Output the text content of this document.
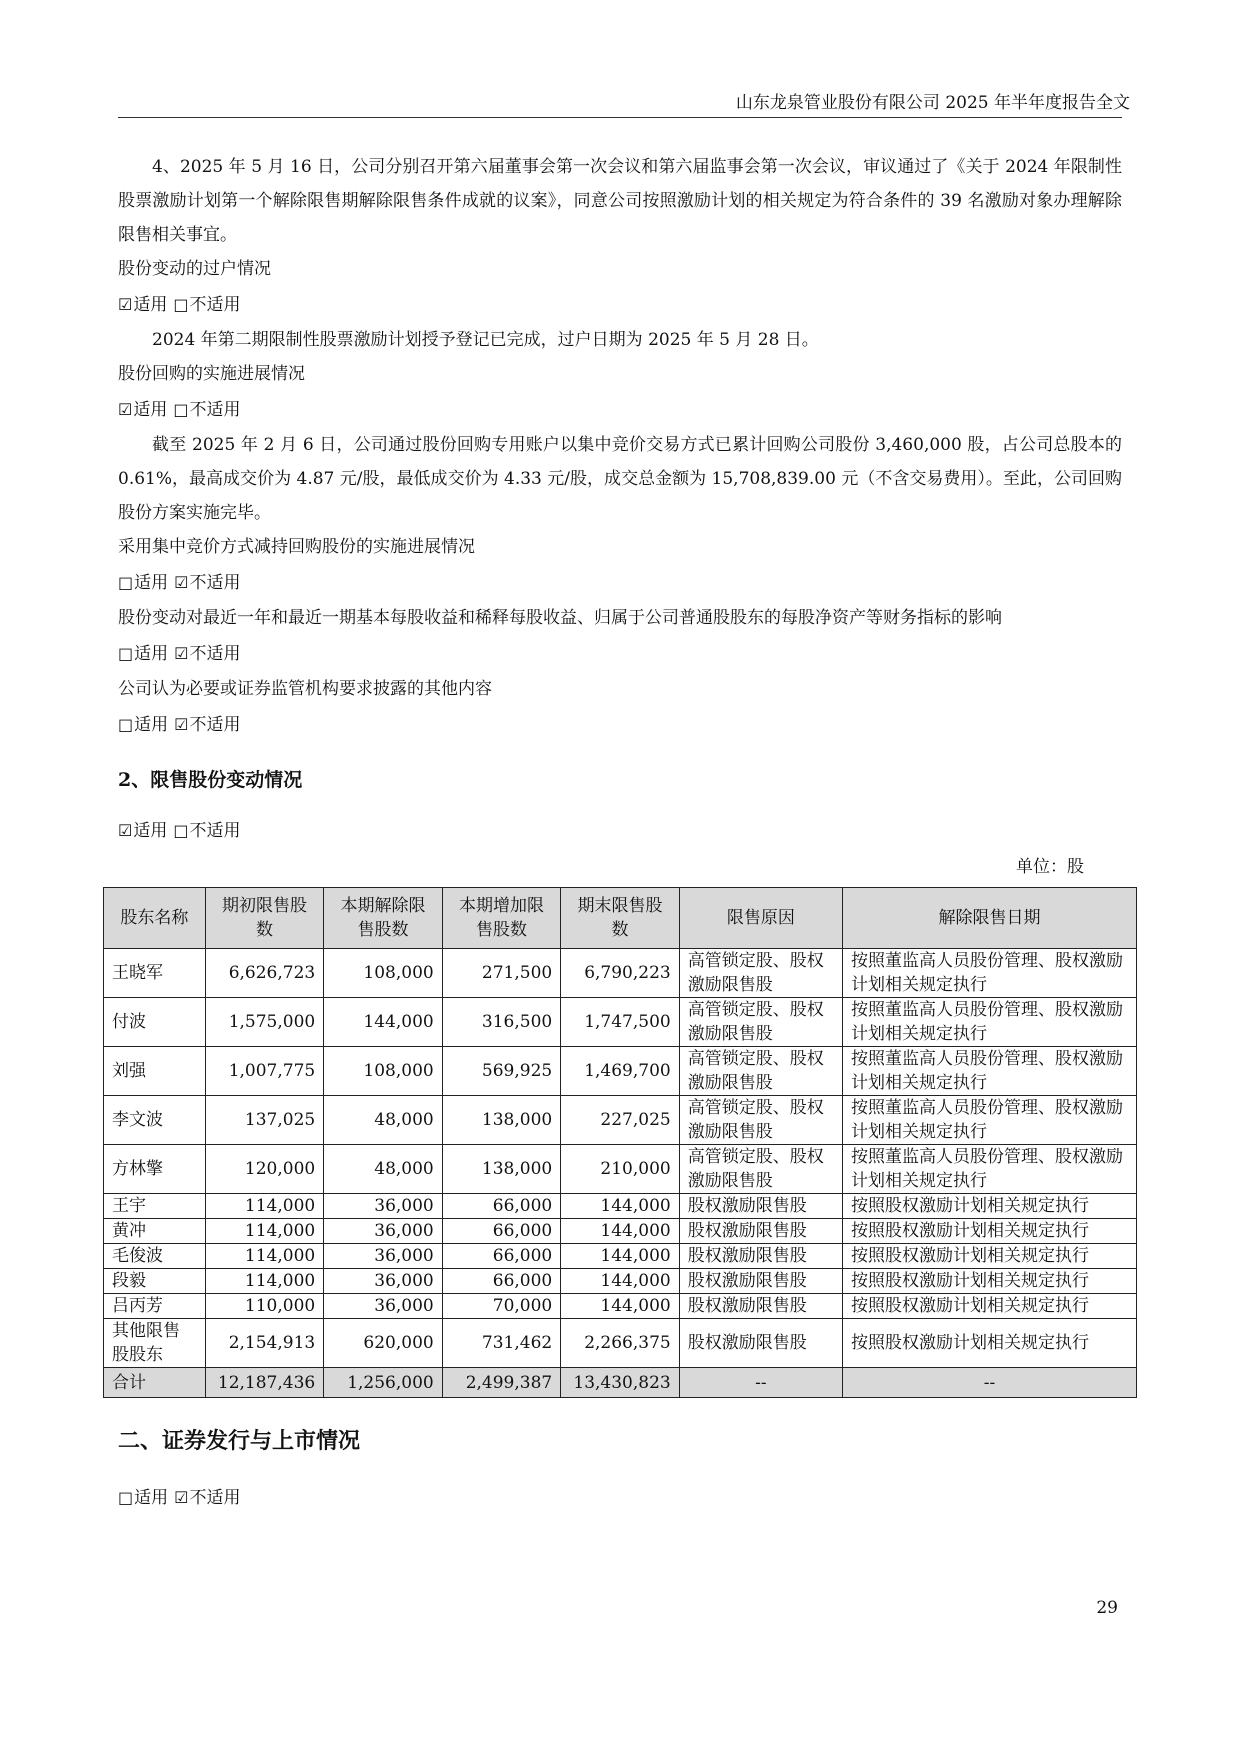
山东龙泉管业股份有限公司 2025 年半年度报告全文

4、2025 年 5 月 16 日，公司分别召开第六届董事会第一次会议和第六届监事会第一次会议，审议通过了《关于 2024 年限制性股票激励计划第一个解除限售期解除限售条件成就的议案》，同意公司按照激励计划的相关规定为符合条件的 39 名激励对象办理解除限售相关事宜。

股份变动的过户情况

☑适用 □不适用

2024 年第二期限制性股票激励计划授予登记已完成，过户日期为 2025 年 5 月 28 日。

股份回购的实施进展情况

☑适用 □不适用

截至 2025 年 2 月 6 日，公司通过股份回购专用账户以集中竞价交易方式已累计回购公司股份 3,460,000 股，占公司总股本的 0.61%，最高成交价为 4.87 元/股，最低成交价为 4.33 元/股，成交总金额为 15,708,839.00 元（不含交易费用）。至此，公司回购股份方案实施完毕。

采用集中竞价方式减持回购股份的实施进展情况

□适用 ☑不适用

股份变动对最近一年和最近一期基本每股收益和稀释每股收益、归属于公司普通股股东的每股净资产等财务指标的影响

□适用 ☑不适用

公司认为必要或证券监管机构要求披露的其他内容

□适用 ☑不适用

2、限售股份变动情况

☑适用 □不适用

单位：股

股东名称	期初限售股数	本期解除限售股数	本期增加限售股数	期末限售股数	限售原因	解除限售日期
王晓军	6,626,723	108,000	271,500	6,790,223	高管锁定股、股权激励限售股	按照董监高人员股份管理、股权激励计划相关规定执行
付波	1,575,000	144,000	316,500	1,747,500	高管锁定股、股权激励限售股	按照董监高人员股份管理、股权激励计划相关规定执行
刘强	1,007,775	108,000	569,925	1,469,700	高管锁定股、股权激励限售股	按照董监高人员股份管理、股权激励计划相关规定执行
李文波	137,025	48,000	138,000	227,025	高管锁定股、股权激励限售股	按照董监高人员股份管理、股权激励计划相关规定执行
方林擎	120,000	48,000	138,000	210,000	高管锁定股、股权激励限售股	按照董监高人员股份管理、股权激励计划相关规定执行
王宇	114,000	36,000	66,000	144,000	股权激励限售股	按照股权激励计划相关规定执行
黄冲	114,000	36,000	66,000	144,000	股权激励限售股	按照股权激励计划相关规定执行
毛俊波	114,000	36,000	66,000	144,000	股权激励限售股	按照股权激励计划相关规定执行
段毅	114,000	36,000	66,000	144,000	股权激励限售股	按照股权激励计划相关规定执行
吕丙芳	110,000	36,000	70,000	144,000	股权激励限售股	按照股权激励计划相关规定执行
其他限售股股东	2,154,913	620,000	731,462	2,266,375	股权激励限售股	按照股权激励计划相关规定执行
合计	12,187,436	1,256,000	2,499,387	13,430,823	--	--
二、证券发行与上市情况

□适用 ☑不适用

29
